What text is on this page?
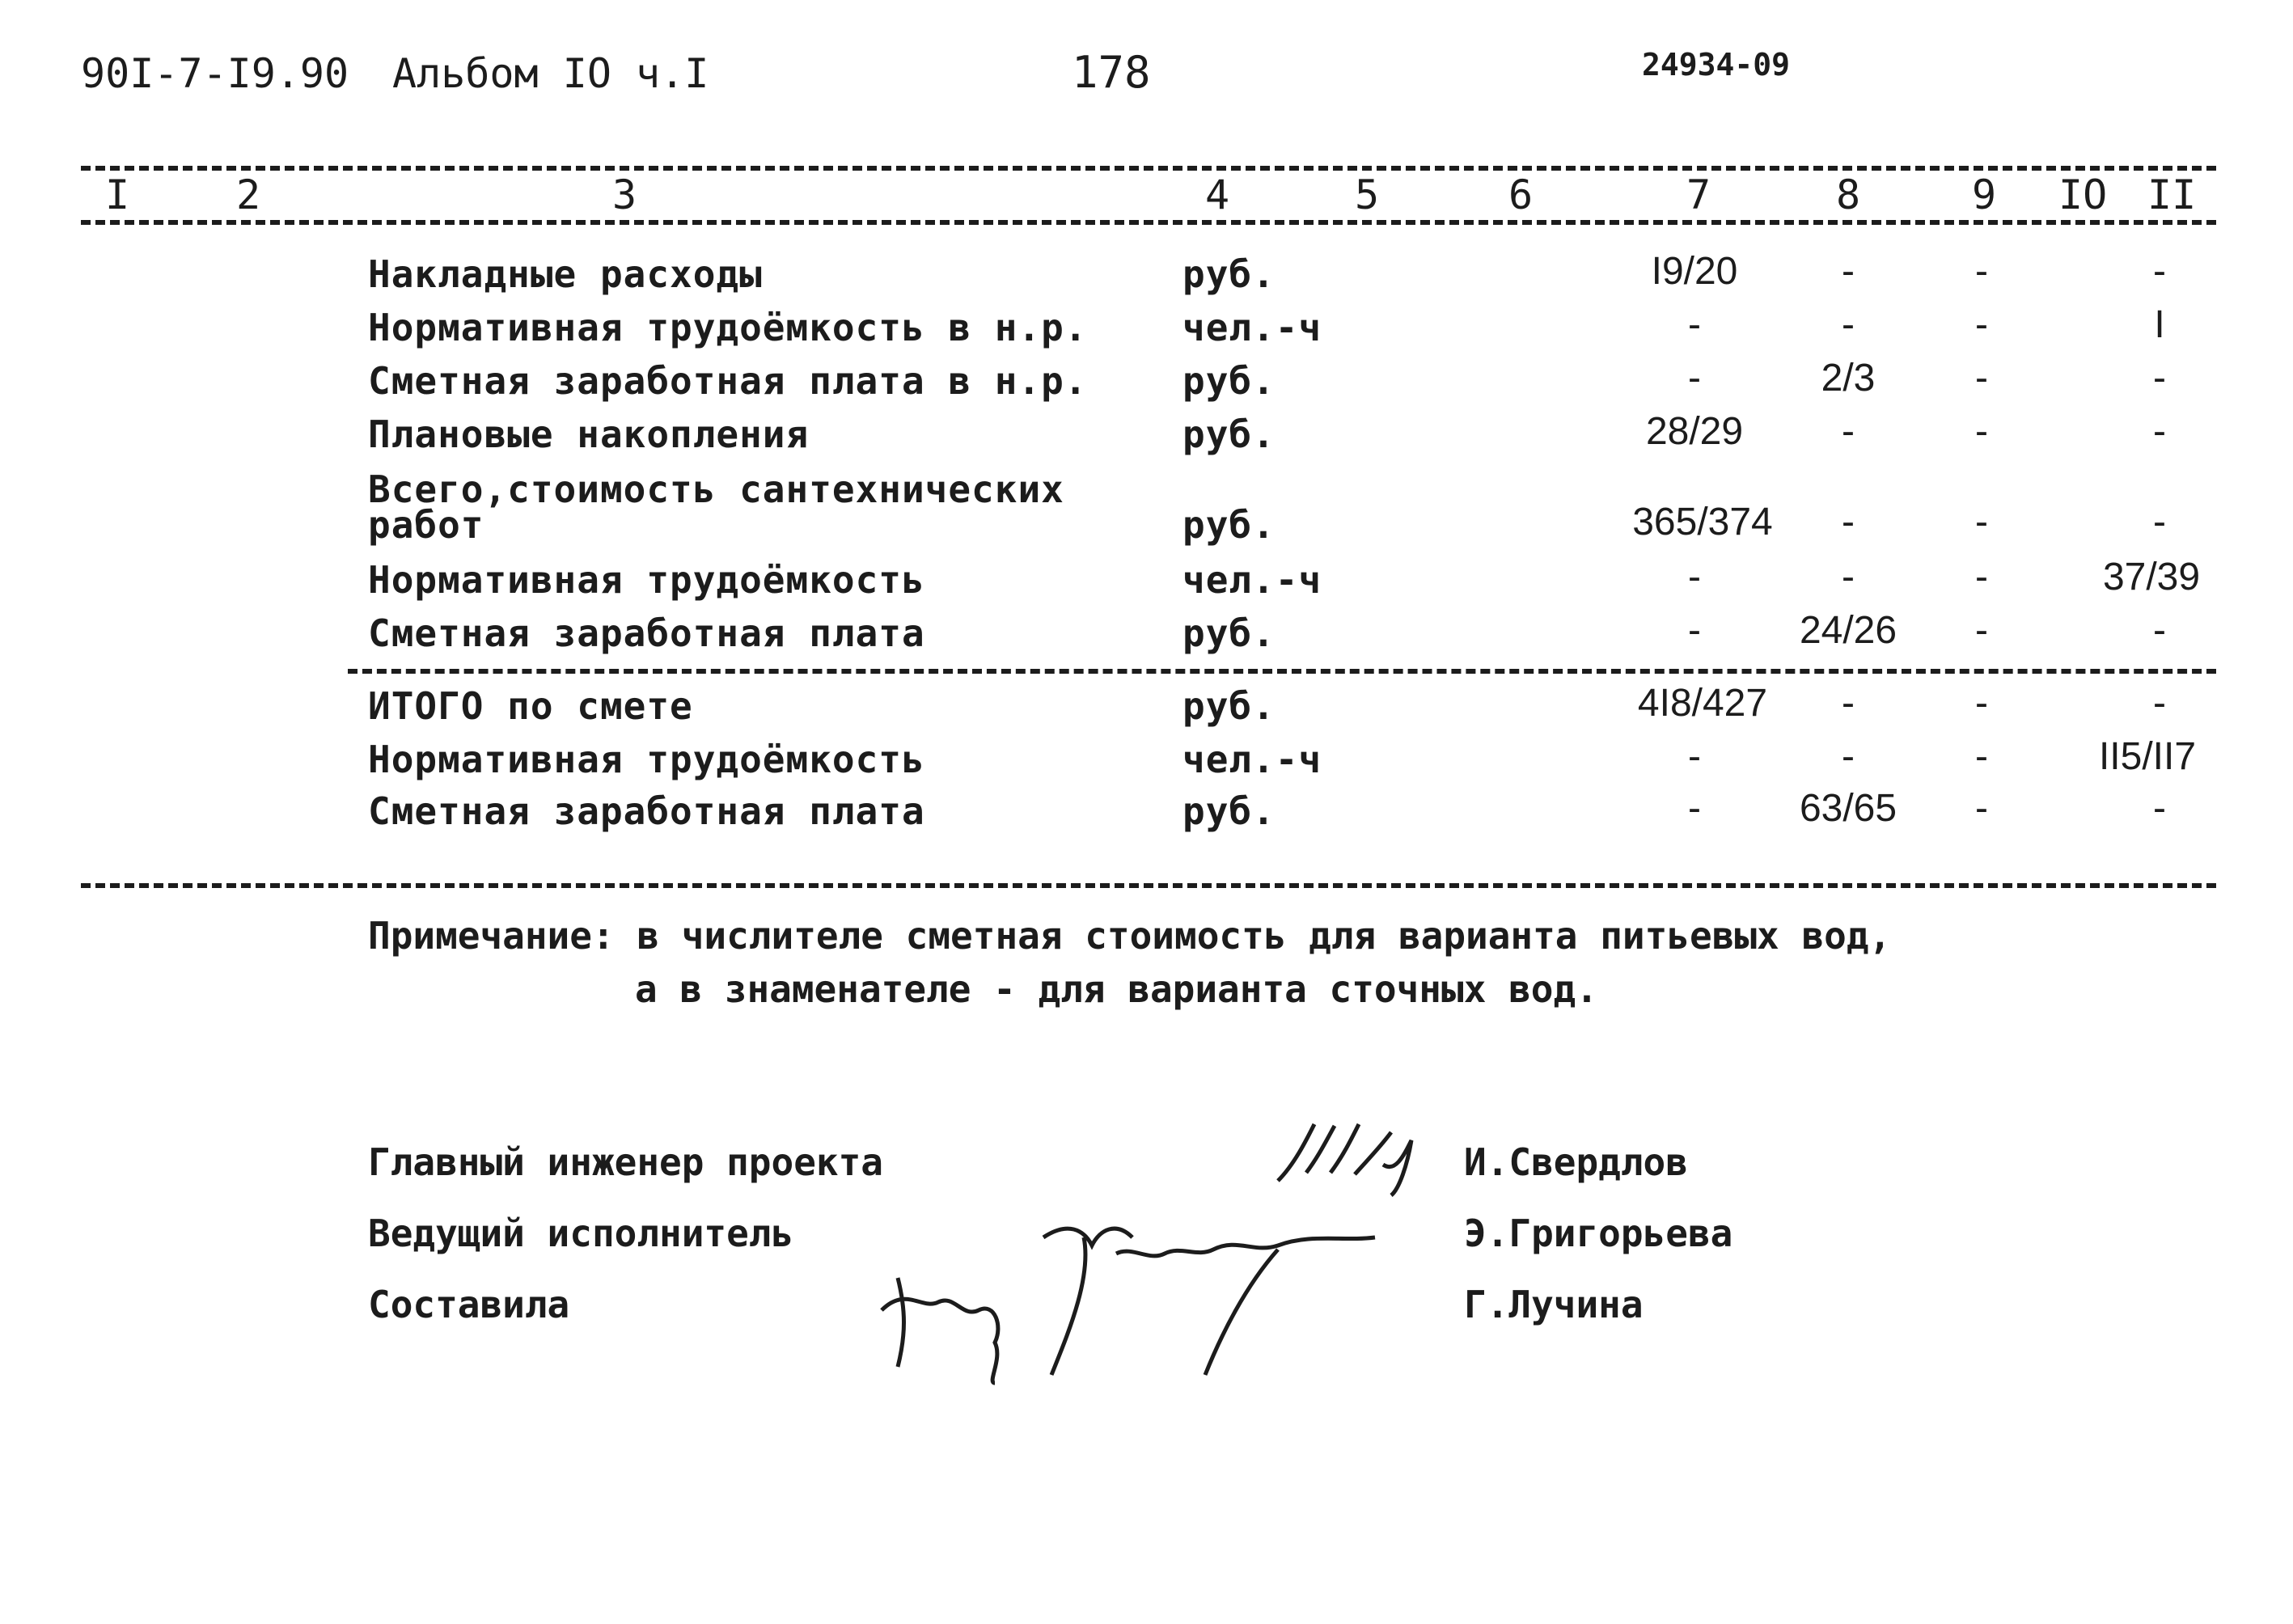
90I-7-I9.90 Альбом IО ч.I	178	24934-09
I	2	3	4	5	6	7	8	9 IО II
Накладные расходы	руб.	I9/20	-	-	-
Нормативная трудоёмкость в н.р.	чел.-ч	-	-	-	I
Сметная заработная плата в н.р.	руб.	-	2/3	-	-
Плановые накопления	руб.	28/29	-	-	-
Всего,стоимость сантехнических
работ	руб.	365/374	-	-	-
Нормативная трудоёмкость	чел.-ч	-	-	-	37/39
Сметная заработная плата	руб.	-	24/26	-	-
ИТОГО по смете	руб.	4I8/427	-	-	-
Нормативная трудоёмкость	чел.-ч	-	-	-	II5/II7
Сметная заработная плата	руб.	-	63/65	-	-
Примечание: в числителе сметная стоимость для варианта питьевых вод,
а в знаменателе - для варианта сточных вод.
Главный инженер проекта	И.Свердлов
Ведущий исполнитель	Э.Григорьева
Составила	Г.Лучина
